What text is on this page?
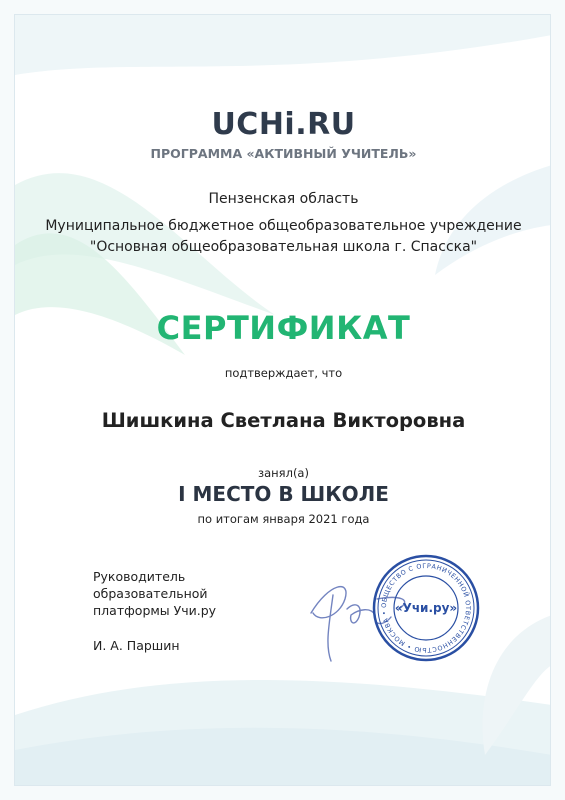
UCHi.RU
ПРОГРАММА «АКТИВНЫЙ УЧИТЕЛЬ»
Пензенская область
Муниципальное бюджетное общеобразовательное учреждение
"Основная общеобразовательная школа г. Спасска"
СЕРТИФИКАТ
подтверждает, что
Шишкина Светлана Викторовна
занял(а)
I МЕСТО В ШКОЛЕ
по итогам января 2021 года
Руководитель
образовательной
платформы Учи.ру
И. А. Паршин
ОБЩЕСТВО С ОГРАНИЧЕННОЙ ОТВЕТСТВЕННОСТЬЮ • МОСКВА • «Учи.ру»
